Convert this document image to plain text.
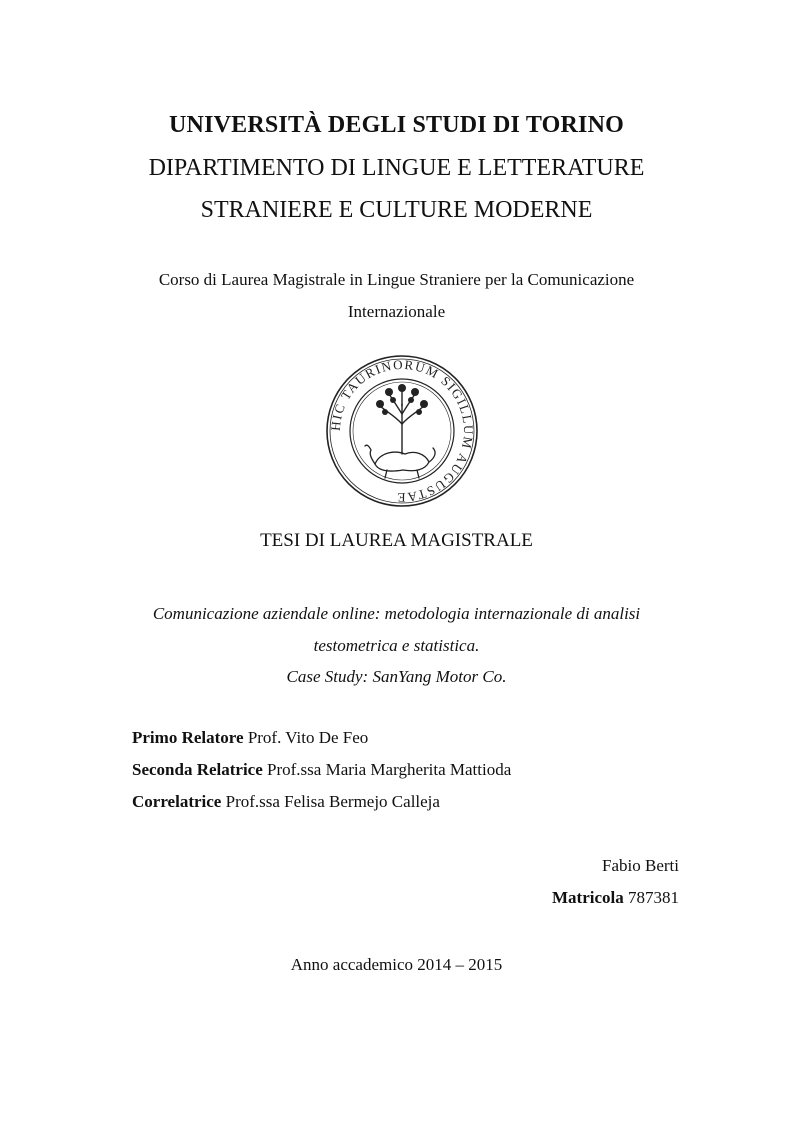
UNIVERSITÀ DEGLI STUDI DI TORINO
DIPARTIMENTO DI LINGUE E LETTERATURE
STRANIERE E CULTURE MODERNE
Corso di Laurea Magistrale in Lingue Straniere per la Comunicazione
Internazionale
HIC TAURINORUM SIGILLUM AUGUSTAE
TESI DI LAUREA MAGISTRALE
Comunicazione aziendale online: metodologia internazionale di analisi
testometrica e statistica.
Case Study: SanYang Motor Co.
Primo Relatore Prof. Vito De Feo
Seconda Relatrice Prof.ssa Maria Margherita Mattioda
Correlatrice Prof.ssa Felisa Bermejo Calleja
Fabio Berti
Matricola 787381
Anno accademico 2014 – 2015
